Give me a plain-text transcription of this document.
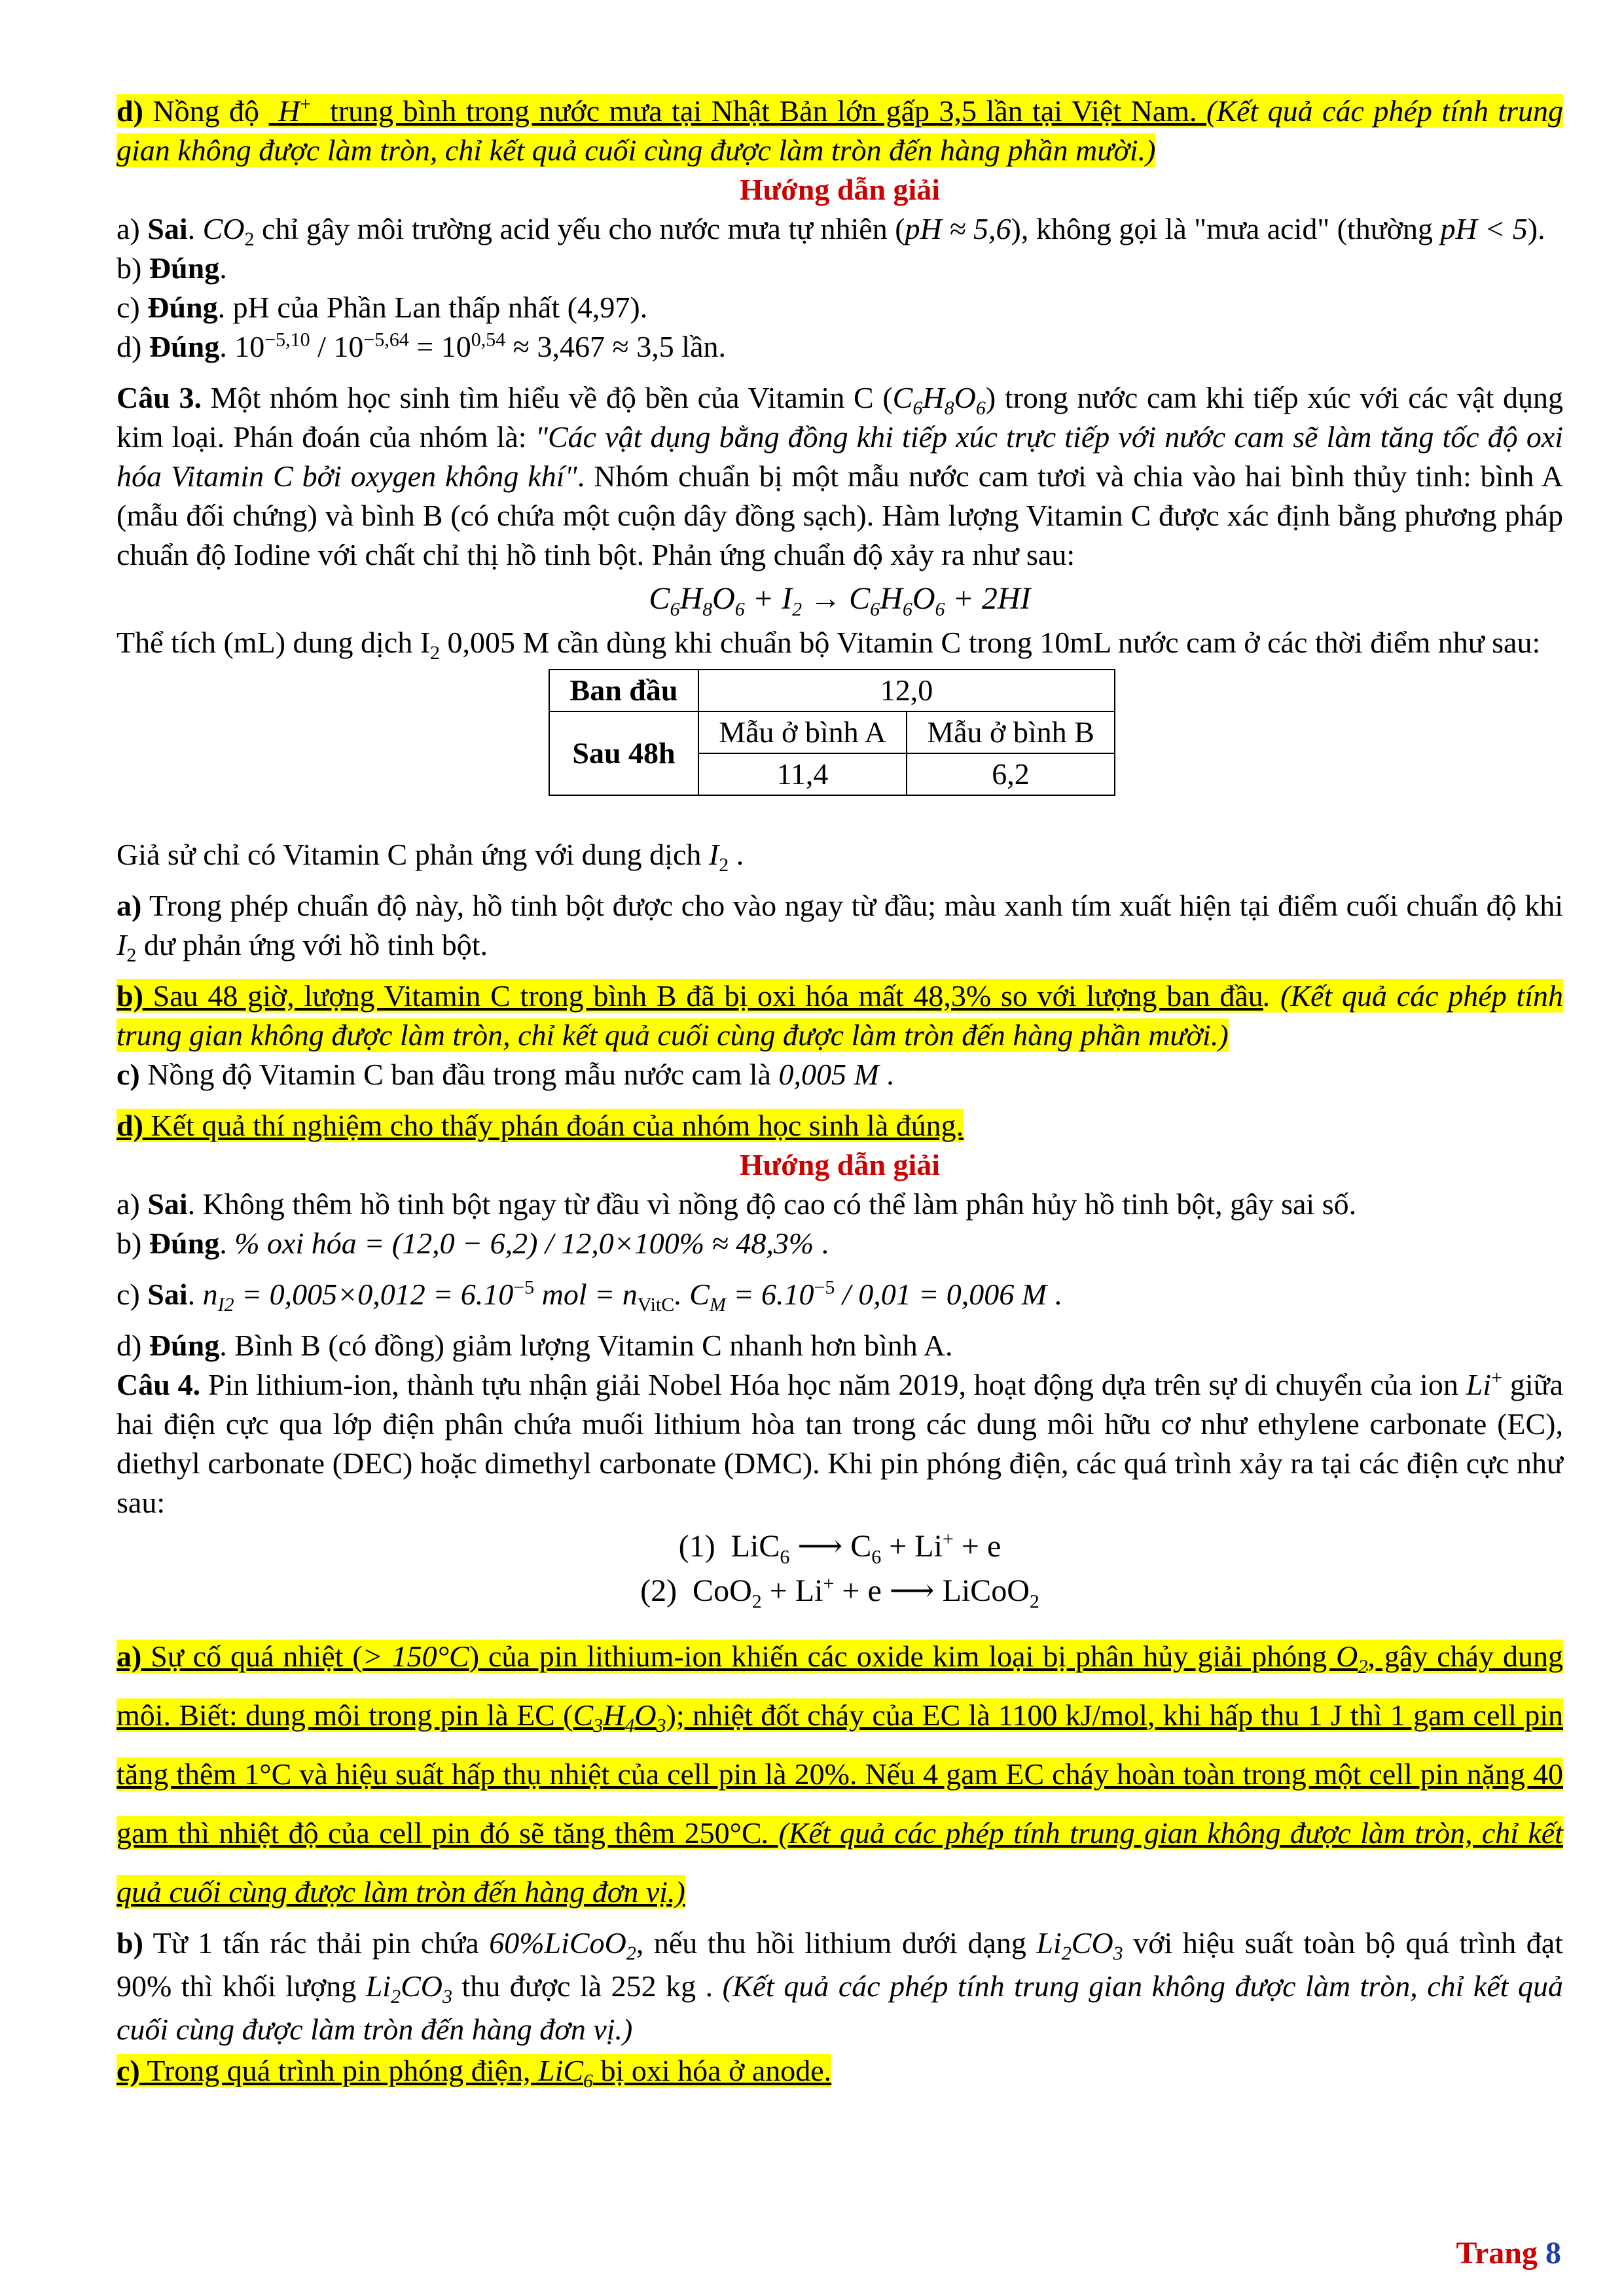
d) Nồng độ  H+  trung bình trong nước mưa tại Nhật Bản lớn gấp 3,5 lần tại Việt Nam. (Kết quả các phép tính trung gian không được làm tròn, chỉ kết quả cuối cùng được làm tròn đến hàng phần mười.)

Hướng dẫn giải

a) Sai. $CO_2$ chỉ gây môi trường acid yếu cho nước mưa tự nhiên (pH ≈ 5,6), không gọi là "mưa acid" (thường pH < 5).

b) Đúng.

c) Đúng. pH của Phần Lan thấp nhất (4,97).

d) Đúng. $10^{-5,10} / 10^{-5,64} = 10^{0,54} \approx 3,467 \approx 3,5$ lần.

Câu 3. Một nhóm học sinh tìm hiểu về độ bền của Vitamin C $(C_6H_8O_6)$ trong nước cam khi tiếp xúc với các vật dụng kim loại. Phán đoán của nhóm là: "Các vật dụng bằng đồng khi tiếp xúc trực tiếp với nước cam sẽ làm tăng tốc độ oxi hóa Vitamin C bởi oxygen không khí". Nhóm chuẩn bị một mẫu nước cam tươi và chia vào hai bình thủy tinh: bình A (mẫu đối chứng) và bình B (có chứa một cuộn dây đồng sạch). Hàm lượng Vitamin C được xác định bằng phương pháp chuẩn độ Iodine với chất chỉ thị hồ tinh bột. Phản ứng chuẩn độ xảy ra như sau:

$C_6H_8O_6 + I_2 \to C_6H_6O_6 + 2HI$

Thể tích (mL) dung dịch $I_2$ 0,005 M cần dùng khi chuẩn bộ Vitamin C trong 10mL nước cam ở các thời điểm như sau:

Ban đầu	12,0	
Sau 48h	Mẫu ở bình A	Mẫu ở bình B
	11,4	6,2

Giả sử chỉ có Vitamin C phản ứng với dung dịch $I_2$ .

a) Trong phép chuẩn độ này, hồ tinh bột được cho vào ngay từ đầu; màu xanh tím xuất hiện tại điểm cuối chuẩn độ khi $I_2$ dư phản ứng với hồ tinh bột.

b) Sau 48 giờ, lượng Vitamin C trong bình B đã bị oxi hóa mất 48,3% so với lượng ban đầu. (Kết quả các phép tính trung gian không được làm tròn, chỉ kết quả cuối cùng được làm tròn đến hàng phần mười.)

c) Nồng độ Vitamin C ban đầu trong mẫu nước cam là 0,005 M .

d) Kết quả thí nghiệm cho thấy phán đoán của nhóm học sinh là đúng.

Hướng dẫn giải

a) Sai. Không thêm hồ tinh bột ngay từ đầu vì nồng độ cao có thể làm phân hủy hồ tinh bột, gây sai số.

b) Đúng. % oxi hóa = (12,0 − 6,2) / 12,0×100% ≈ 48,3% .

c) Sai. $n_{I2} = 0,005\times 0,012 = 6.10^{-5}$ mol = $n_{VitC}$. $C_M = 6.10^{-5} / 0,01 = 0,006$ M .

d) Đúng. Bình B (có đồng) giảm lượng Vitamin C nhanh hơn bình A.

Câu 4. Pin lithium-ion, thành tựu nhận giải Nobel Hóa học năm 2019, hoạt động dựa trên sự di chuyển của ion Li+ giữa hai điện cực qua lớp điện phân chứa muối lithium hòa tan trong các dung môi hữu cơ như ethylene carbonate (EC), diethyl carbonate (DEC) hoặc dimethyl carbonate (DMC). Khi pin phóng điện, các quá trình xảy ra tại các điện cực như sau:

(1)  LiC$_6$ ⟶ $C_6 + Li^+ + e$

(2)  CoO$_2$ + Li+ + e ⟶ LiCoO$_2$

a) Sự cố quá nhiệt (> 150°C) của pin lithium-ion khiến các oxide kim loại bị phân hủy giải phóng $O_2$, gây cháy dung môi. Biết: dung môi trong pin là EC $(C_3H_4O_3)$; nhiệt đốt cháy của EC là 1100 kJ/mol, khi hấp thu 1 J thì 1 gam cell pin tăng thêm 1°C và hiệu suất hấp thụ nhiệt của cell pin là 20%. Nếu 4 gam EC cháy hoàn toàn trong một cell pin nặng 40 gam thì nhiệt độ của cell pin đó sẽ tăng thêm 250°C. (Kết quả các phép tính trung gian không được làm tròn, chỉ kết quả cuối cùng được làm tròn đến hàng đơn vị.)

b) Từ 1 tấn rác thải pin chứa 60%LiCoO$_2$, nếu thu hồi lithium dưới dạng $Li_2CO_3$ với hiệu suất toàn bộ quá trình đạt 90% thì khối lượng $Li_2CO_3$ thu được là 252 kg . (Kết quả các phép tính trung gian không được làm tròn, chỉ kết quả cuối cùng được làm tròn đến hàng đơn vị.)

c) Trong quá trình pin phóng điện, LiC$_6$ bị oxi hóa ở anode.

Trang 8
